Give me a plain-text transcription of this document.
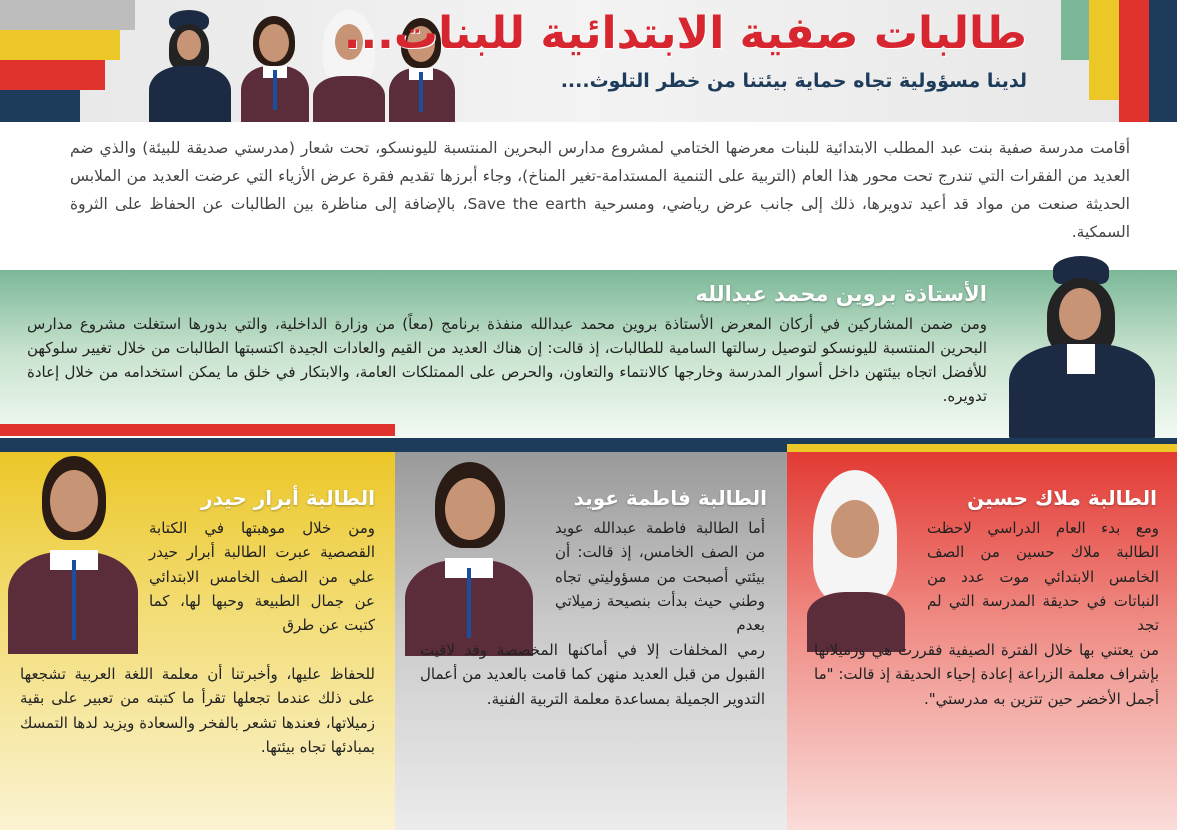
طالبات صفية الابتدائية للبنات...
لدينا مسؤولية تجاه حماية بيئتنا من خطر التلوث....

أقامت مدرسة صفية بنت عبد المطلب الابتدائية للبنات معرضها الختامي لمشروع مدارس البحرين المنتسبة لليونسكو، تحت شعار (مدرستي صديقة للبيئة) والذي ضم العديد من الفقرات التي تندرج تحت محور هذا العام (التربية على التنمية المستدامة-تغير المناخ)، وجاء أبرزها تقديم فقرة عرض الأزياء التي عرضت العديد من الملابس الحديثة صنعت من مواد قد أعيد تدويرها، ذلك إلى جانب عرض رياضي، ومسرحية Save the earth، بالإضافة إلى مناظرة بين الطالبات عن الحفاظ على الثروة السمكية.

الأستاذة بروين محمد عبدالله

ومن ضمن المشاركين في أركان المعرض الأستاذة بروين محمد عبدالله منفذة برنامج (معاً) من وزارة الداخلية، والتي بدورها استغلت مشروع مدارس البحرين المنتسبة لليونسكو لتوصيل رسالتها السامية للطالبات، إذ قالت: إن هناك العديد من القيم والعادات الجيدة اكتسبتها الطالبات من خلال تغيير سلوكهن للأفضل اتجاه بيئتهن داخل أسوار المدرسة وخارجها كالانتماء والتعاون، والحرص على الممتلكات العامة، والابتكار في خلق ما يمكن استخدامه من خلال إعادة تدويره.

الطالبة ملاك حسين

ومع بدء العام الدراسي لاحظت الطالبة ملاك حسين من الصف الخامس الابتدائي موت عدد من النباتات في حديقة المدرسة التي لم تجد

من يعتني بها خلال الفترة الصيفية فقررت هي وزميلاتها بإشراف معلمة الزراعة إعادة إحياء الحديقة إذ قالت: "ما أجمل الأخضر حين تتزين به مدرستي".

الطالبة فاطمة عويد

أما الطالبة فاطمة عبدالله عويد من الصف الخامس، إذ قالت: أن بيئتي أصبحت من مسؤوليتي تجاه وطني حيث بدأت بنصيحة زميلاتي بعدم

رمي المخلفات إلا في أماكنها المخصصة وقد لاقيت القبول من قبل العديد منهن كما قامت بالعديد من أعمال التدوير الجميلة بمساعدة معلمة التربية الفنية.

الطالبة أبرار حيدر

ومن خلال موهبتها في الكتابة القصصية عبرت الطالبة أبرار حيدر علي من الصف الخامس الابتدائي عن جمال الطبيعة وحبها لها، كما كتبت عن طرق

للحفاظ عليها، وأخبرتنا أن معلمة اللغة العربية تشجعها على ذلك عندما تجعلها تقرأ ما كتبته من تعبير على بقية زميلاتها، فعندها تشعر بالفخر والسعادة ويزيد لدها التمسك بمبادئها تجاه بيئتها.
